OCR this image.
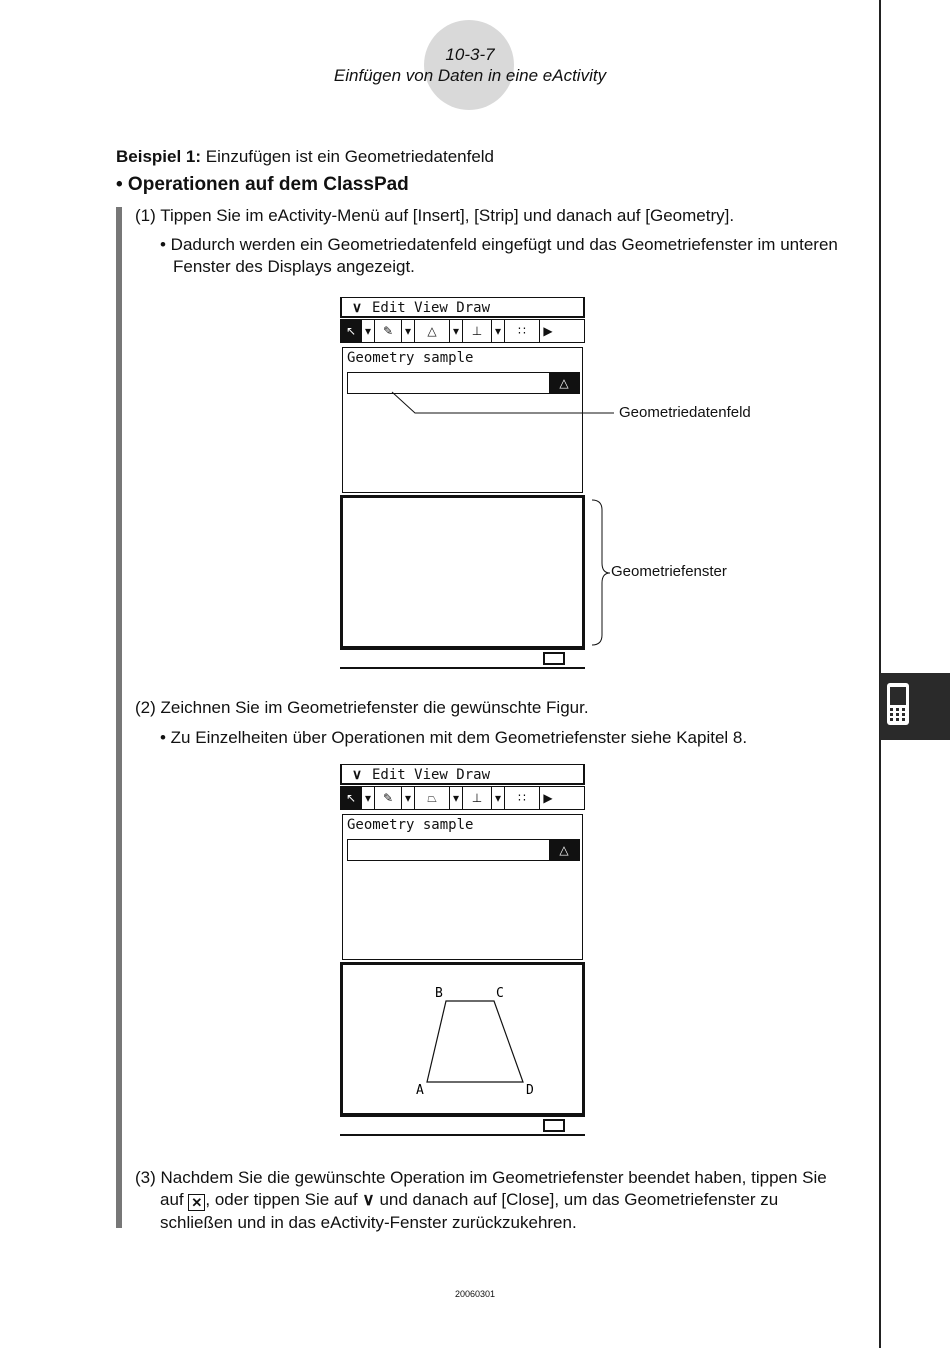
10-3-7
Einfügen von Daten in eine eActivity
Beispiel 1: Einzufügen ist ein Geometriedatenfeld
• Operationen auf dem ClassPad
(1) Tippen Sie im eActivity-Menü auf [Insert], [Strip] und danach auf [Geometry].
• Dadurch werden ein Geometriedatenfeld eingefügt und das Geometriefenster im unteren
Fenster des Displays angezeigt.
∨ Edit View Draw
↖ ▾ ✎ ▾	△	▾	⊥	▾	∷	▶
Geometry sample
△
Geometriedatenfeld
Geometriefenster
(2) Zeichnen Sie im Geometriefenster die gewünschte Figur.
• Zu Einzelheiten über Operationen mit dem Geometriefenster siehe Kapitel 8.
∨ Edit View Draw
↖ ▾ ✎ ▾	⏢	▾	⊥	▾	∷	▶
Geometry sample
△
B	C
A	D
(3) Nachdem Sie die gewünschte Operation im Geometriefenster beendet haben, tippen Sie
auf ✕ , oder tippen Sie auf ∨ und danach auf [Close], um das Geometriefenster zu
schließen und in das eActivity-Fenster zurückzukehren.
20060301
